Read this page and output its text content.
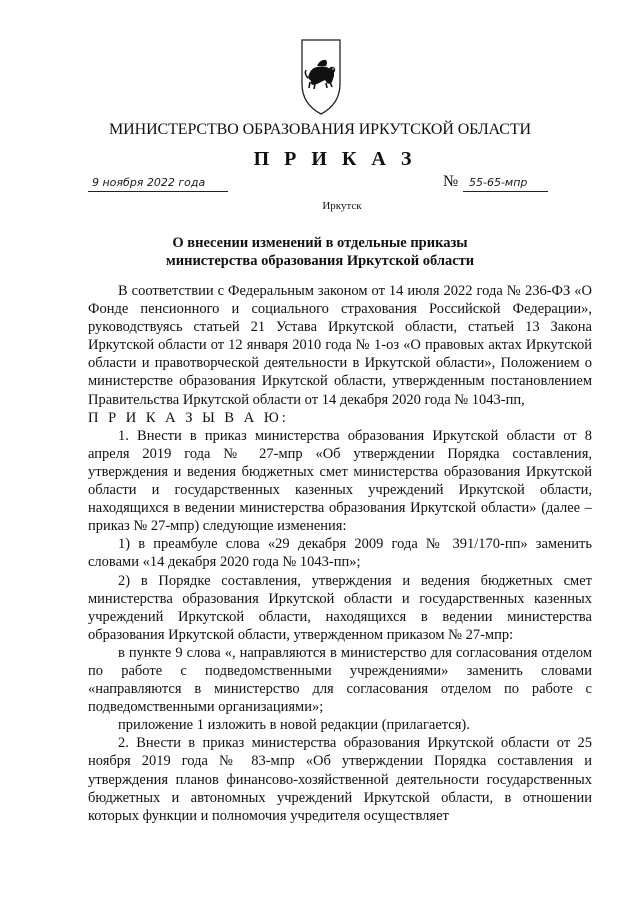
МИНИСТЕРСТВО ОБРАЗОВАНИЯ ИРКУТСКОЙ ОБЛАСТИ
П Р И К А З
9 ноября 2022 года	№ 55-65-мпр
Иркутск
О внесении изменений в отдельные приказы
министерства образования Иркутской области

В соответствии с Федеральным законом от 14 июля 2022 года № 236-ФЗ «О Фонде пенсионного и социального страхования Российской Федерации», руководствуясь статьей 21 Устава Иркутской области, статьей 13 Закона Иркутской области от 12 января 2010 года № 1-оз «О правовых актах Иркутской области и правотворческой деятельности в Иркутской области», Положением о министерстве образования Иркутской области, утвержденным постановлением Правительства Иркутской области от 14 декабря 2020 года № 1043-пп,

П Р И К А З Ы В А Ю:

1. Внести в приказ министерства образования Иркутской области от 8 апреля 2019 года № 27-мпр «Об утверждении Порядка составления, утверждения и ведения бюджетных смет министерства образования Иркутской области и государственных казенных учреждений Иркутской области, находящихся в ведении министерства образования Иркутской области» (далее – приказ № 27-мпр) следующие изменения:

1) в преамбуле слова «29 декабря 2009 года № 391/170-пп» заменить словами «14 декабря 2020 года № 1043-пп»;

2) в Порядке составления, утверждения и ведения бюджетных смет министерства образования Иркутской области и государственных казенных учреждений Иркутской области, находящихся в ведении министерства образования Иркутской области, утвержденном приказом № 27-мпр:

в пункте 9 слова «, направляются в министерство для согласования отделом по работе с подведомственными учреждениями» заменить словами «направляются в министерство для согласования отделом по работе с подведомственными организациями»;

приложение 1 изложить в новой редакции (прилагается).

2. Внести в приказ министерства образования Иркутской области от 25 ноября 2019 года № 83-мпр «Об утверждении Порядка составления и утверждения планов финансово-хозяйственной деятельности государственных бюджетных и автономных учреждений Иркутской области, в отношении которых функции и полномочия учредителя осуществляет
